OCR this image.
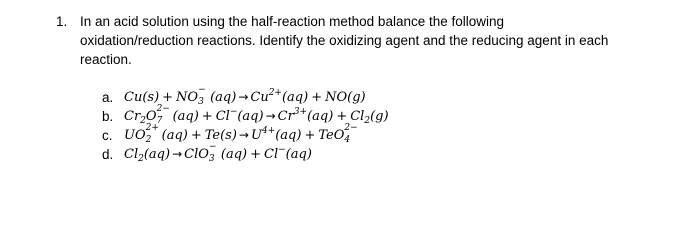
1. In an acid solution using the half-reaction method balance the following
oxidation/reduction reactions. Identify the oxidizing agent and the reducing agent in each
reaction.
a. Cu(s) + NO −
3 $(aq) \to Cu^{2+}(aq) + NO(g)$
b. $Cr_2O$ 2−
7 $(aq) + Cl^-(aq) \to Cr^{3+}(aq) + Cl_2(g)$
c. UO 2+
2 $(aq) + Te(s) \to U^{4+}(aq)$ + TeO 2−
4
d. $Cl_2(aq)$ → ClO −
3 (aq) + Cl−(aq)
